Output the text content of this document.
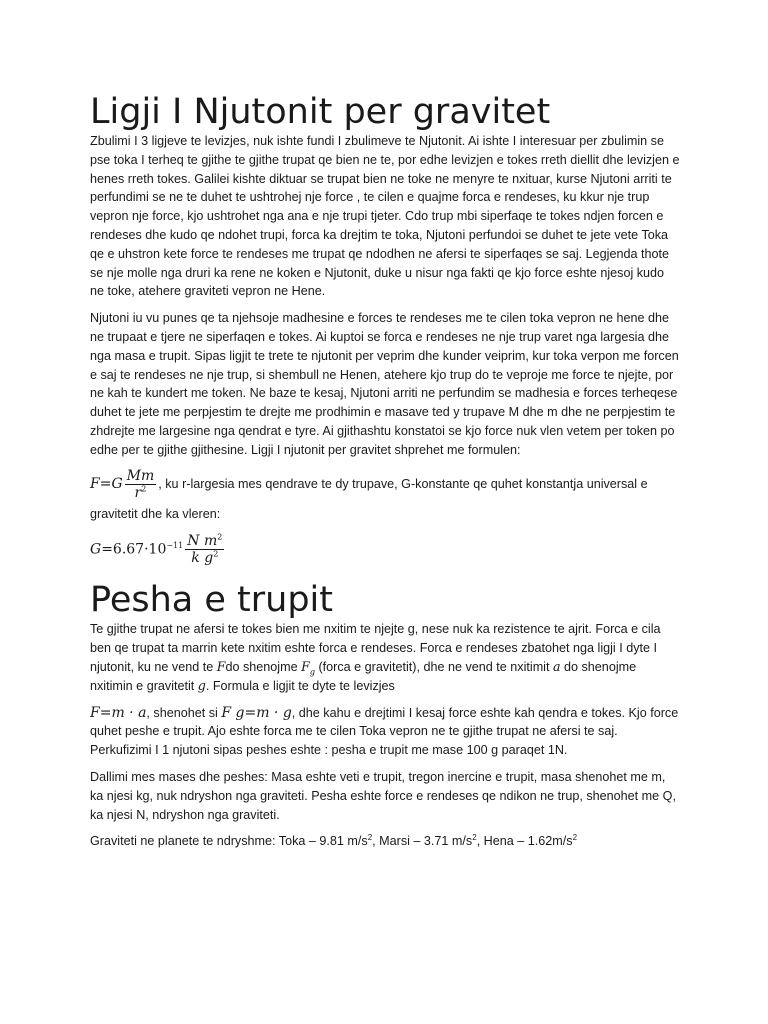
Ligji I Njutonit per gravitet

Zbulimi I 3 ligjeve te levizjes, nuk ishte fundi I zbulimeve te Njutonit. Ai ishte I interesuar per zbulimin se pse toka I terheq te gjithe te gjithe trupat qe bien ne te, por edhe levizjen e tokes rreth diellit dhe levizjen e henes rreth tokes. Galilei kishte diktuar se trupat bien ne toke ne menyre te nxituar, kurse Njutoni arriti te perfundimi se ne te duhet te ushtrohej nje force , te cilen e quajme forca e rendeses, ku kkur nje trup vepron nje force, kjo ushtrohet nga ana e nje trupi tjeter. Cdo trup mbi siperfaqe te tokes ndjen forcen e rendeses dhe kudo qe ndohet trupi, forca ka drejtim te toka, Njutoni perfundoi se duhet te jete vete Toka qe e uhstron kete force te rendeses me trupat qe ndodhen ne afersi te siperfaqes se saj. Legjenda thote se nje molle nga druri ka rene ne koken e Njutonit, duke u nisur nga fakti qe kjo force eshte njesoj kudo ne toke, atehere graviteti vepron ne Hene.

Njutoni iu vu punes qe ta njehsoje madhesine e forces te rendeses me te cilen toka vepron ne hene dhe ne trupaat e tjere ne siperfaqen e tokes. Ai kuptoi se forca e rendeses ne nje trup varet nga largesia dhe nga masa e trupit. Sipas ligjit te trete te njutonit per veprim dhe kunder veiprim, kur toka verpon me forcen e saj te rendeses ne nje trup, si shembull ne Henen, atehere kjo trup do te veproje me force te njejte, por ne kah te kundert me token. Ne baze te kesaj, Njutoni arriti ne perfundim se madhesia e forces terheqese duhet te jete me perpjestim te drejte me prodhimin e masave ted y trupave M dhe m dhe ne perpjestim te zhdrejte me largesine nga qendrat e tyre. Ai gjithashtu konstatoi se kjo force nuk vlen vetem per token po edhe per te gjithe gjithesine. Ligji I njutonit per gravitet shprehet me formulen:

$F=G \frac{Mm}{r^2}$ , ku r-largesia mes qendrave te dy trupave, G-konstante qe quhet konstantja universal e

gravitetit dhe ka vleren:

$G=6.67\cdot 10^{-11} \frac{N m^2}{k g^2}$
Pesha e trupit

Te gjithe trupat ne afersi te tokes bien me nxitim te njejte g, nese nuk ka rezistence te ajrit. Forca e cila ben qe trupat ta marrin kete nxitim eshte forca e rendeses. Forca e rendeses zbatohet nga ligji I dyte I njutonit, ku ne vend te Fdo shenojme $F_g$ (forca e gravitetit), dhe ne vend te nxitimit a do shenojme nxitimin e gravitetit g. Formula e ligjit te dyte te levizjes

F=m · a, shenohet si F g=m · g, dhe kahu e drejtimi I kesaj force eshte kah qendra e tokes. Kjo force quhet peshe e trupit. Ajo eshte forca me te cilen Toka vepron ne te gjithe trupat ne afersi te saj. Perkufizimi I 1 njutoni sipas peshes eshte : pesha e trupit me mase 100 g paraqet 1N.

Dallimi mes mases dhe peshes: Masa eshte veti e trupit, tregon inercine e trupit, masa shenohet me m, ka njesi kg, nuk ndryshon nga graviteti. Pesha eshte force e rendeses qe ndikon ne trup, shenohet me Q, ka njesi N, ndryshon nga graviteti.

Graviteti ne planete te ndryshme: Toka – 9.81 $m/s^2$, Marsi – 3.71 $m/s^2$, Hena – $1.62m/s^2$
